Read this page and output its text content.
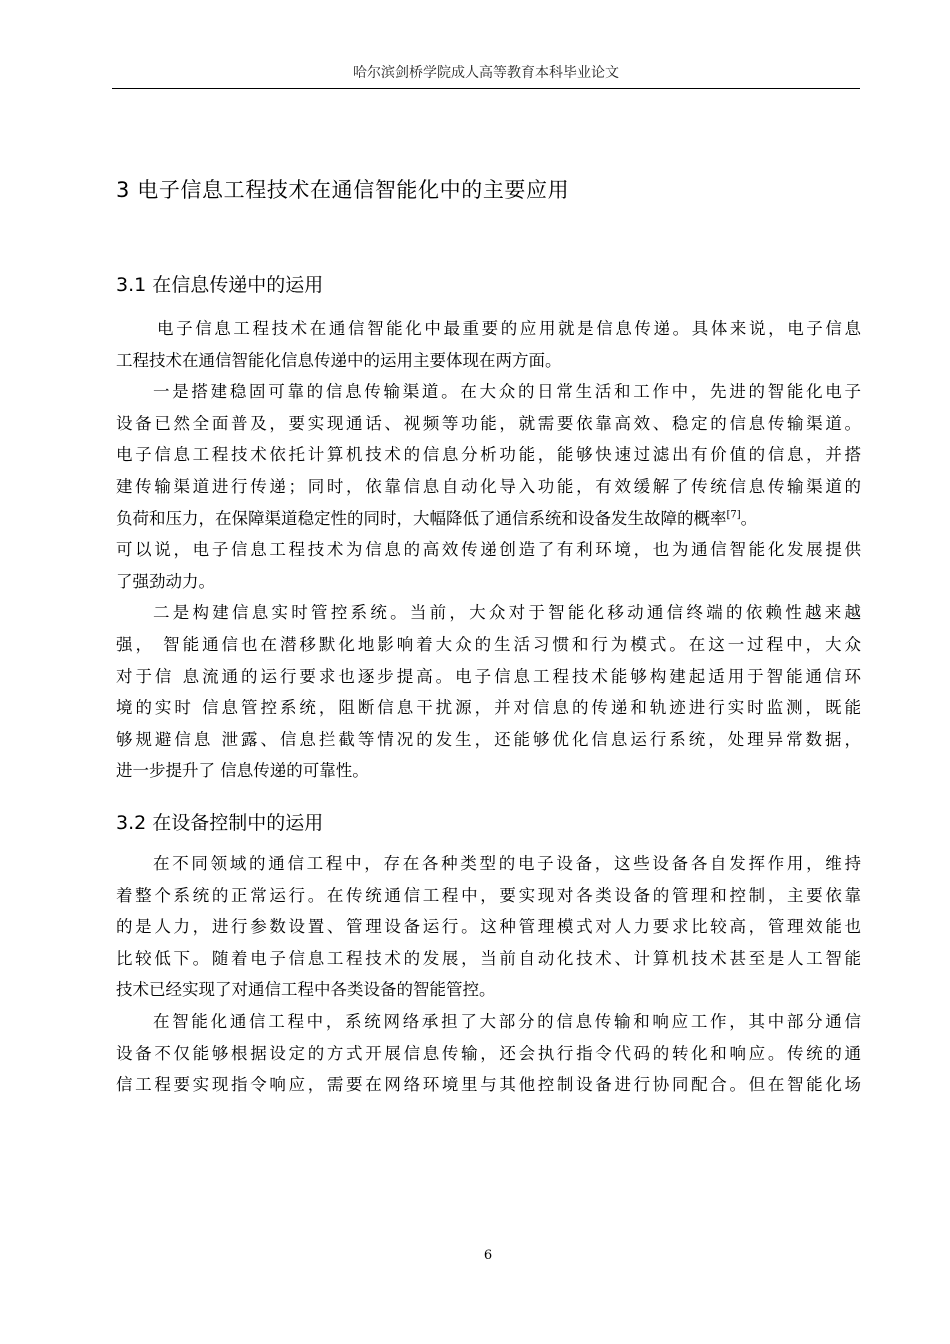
哈尔滨剑桥学院成人高等教育本科毕业论文
3 电子信息工程技术在通信智能化中的主要应用
3.1 在信息传递中的运用
电子信息工程技术在通信智能化中最重要的应用就是信息传递。具体来说，电子信息
工程技术在通信智能化信息传递中的运用主要体现在两方面。
一是搭建稳固可靠的信息传输渠道。在大众的日常生活和工作中，先进的智能化电子
设备已然全面普及，要实现通话、视频等功能，就需要依靠高效、稳定的信息传输渠道。
电子信息工程技术依托计算机技术的信息分析功能，能够快速过滤出有价值的信息，并搭
建传输渠道进行传递；同时，依靠信息自动化导入功能，有效缓解了传统信息传输渠道的
负荷和压力，在保障渠道稳定性的同时，大幅降低了通信系统和设备发生故障的概率[7]。
可以说，电子信息工程技术为信息的高效传递创造了有利环境，也为通信智能化发展提供
了强劲动力。
二是构建信息实时管控系统。当前，大众对于智能化移动通信终端的依赖性越来越
强， 智能通信也在潜移默化地影响着大众的生活习惯和行为模式。在这一过程中，大众
对于信 息流通的运行要求也逐步提高。电子信息工程技术能够构建起适用于智能通信环
境的实时 信息管控系统，阻断信息干扰源，并对信息的传递和轨迹进行实时监测，既能
够规避信息 泄露、信息拦截等情况的发生，还能够优化信息运行系统，处理异常数据，
进一步提升了 信息传递的可靠性。
3.2 在设备控制中的运用
在不同领域的通信工程中，存在各种类型的电子设备，这些设备各自发挥作用，维持
着整个系统的正常运行。在传统通信工程中，要实现对各类设备的管理和控制，主要依靠
的是人力，进行参数设置、管理设备运行。这种管理模式对人力要求比较高，管理效能也
比较低下。随着电子信息工程技术的发展，当前自动化技术、计算机技术甚至是人工智能
技术已经实现了对通信工程中各类设备的智能管控。
在智能化通信工程中，系统网络承担了大部分的信息传输和响应工作，其中部分通信
设备不仅能够根据设定的方式开展信息传输，还会执行指令代码的转化和响应。传统的通
信工程要实现指令响应，需要在网络环境里与其他控制设备进行协同配合。但在智能化场
6
